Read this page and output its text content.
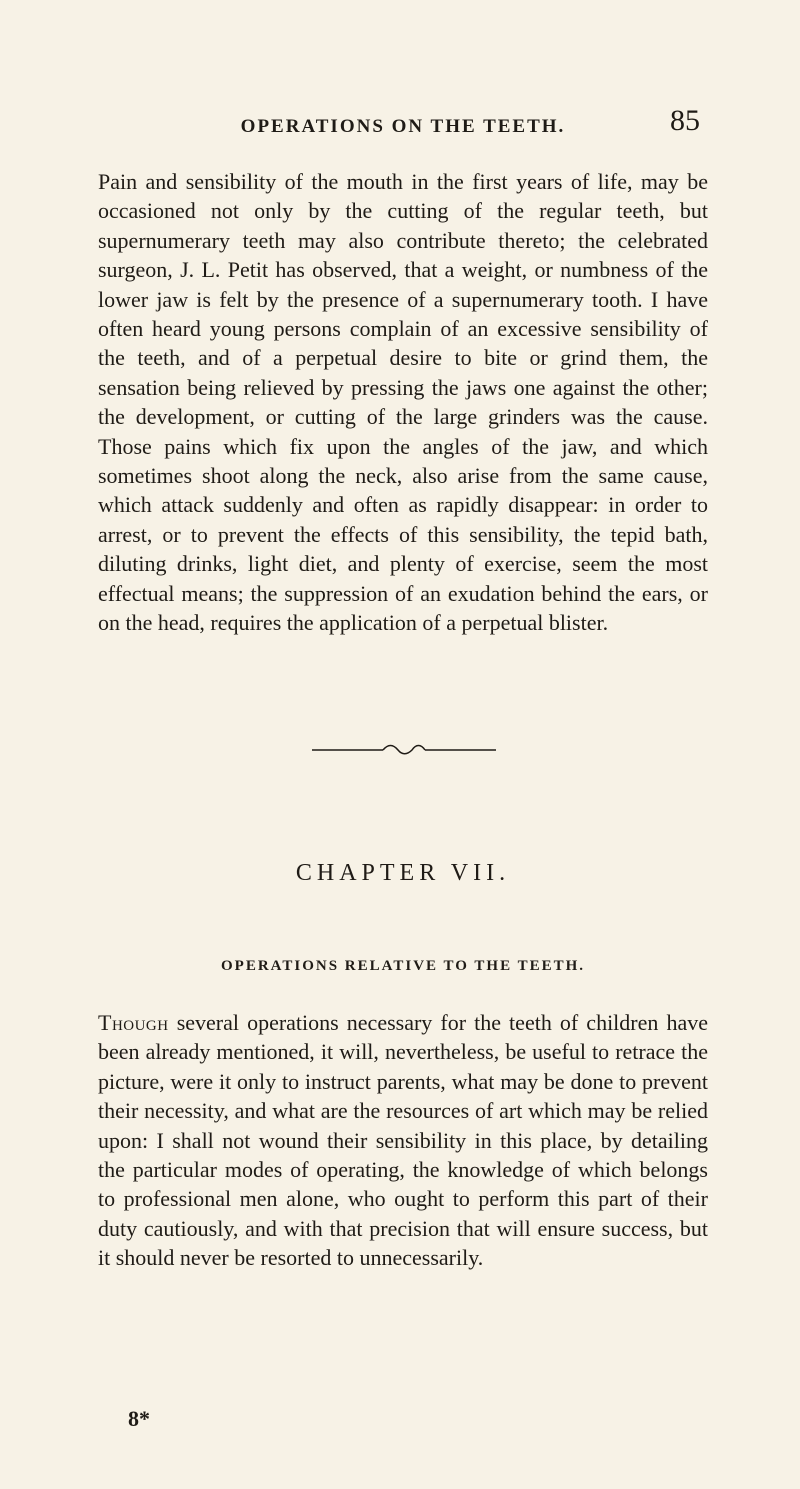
OPERATIONS ON THE TEETH.	85
Pain and sensibility of the mouth in the first years of life, may be occasioned not only by the cutting of the regular teeth, but supernumerary teeth may also contribute thereto; the celebrated surgeon, J. L. Petit has observed, that a weight, or numbness of the lower jaw is felt by the presence of a supernumerary tooth. I have often heard young persons complain of an excessive sensibility of the teeth, and of a perpetual desire to bite or grind them, the sensation being relieved by pressing the jaws one against the other; the development, or cutting of the large grinders was the cause. Those pains which fix upon the angles of the jaw, and which sometimes shoot along the neck, also arise from the same cause, which attack suddenly and often as rapidly disappear: in order to arrest, or to prevent the effects of this sensibility, the tepid bath, diluting drinks, light diet, and plenty of exercise, seem the most effectual means; the suppression of an exudation behind the ears, or on the head, requires the application of a perpetual blister.
CHAPTER VII.
OPERATIONS RELATIVE TO THE TEETH.
Though several operations necessary for the teeth of children have been already mentioned, it will, nevertheless, be useful to retrace the picture, were it only to instruct parents, what may be done to prevent their necessity, and what are the resources of art which may be relied upon: I shall not wound their sensibility in this place, by detailing the particular modes of operating, the knowledge of which belongs to professional men alone, who ought to perform this part of their duty cautiously, and with that precision that will ensure success, but it should never be resorted to unnecessarily.
8*
